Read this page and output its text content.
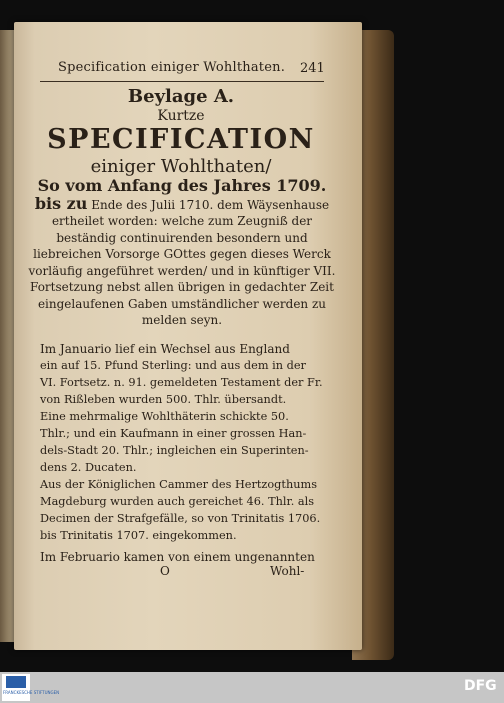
Specification einiger Wohlthaten. 241
Beylage A.
Kurtze
SPECIFICATION
einiger Wohlthaten/
So vom Anfang des Jahres 1709. bis zu Ende des Julii 1710. dem Wäysenhause ertheilet worden: welche zum Zeugniß der beständig continuirenden besondern und liebreichen Vorsorge GOttes gegen dieses Werck vorläufig angeführet werden/ und in künftiger VII. Fortsetzung nebst allen übrigen in gedachter Zeit eingelaufenen Gaben umständlicher werden zu melden seyn.
Im Januario lief ein Wechsel aus England
ein auf 15. Pfund Sterling: und aus dem in der
VI. Fortsetz. n. 91. gemeldeten Testament der Fr.
von Rißleben wurden 500. Thlr. übersandt.
Eine mehrmalige Wohlthäterin schickte 50.
Thlr.; und ein Kaufmann in einer grossen Han-
dels-Stadt 20. Thlr.; ingleichen ein Superinten-
dens 2. Ducaten.
Aus der Königlichen Cammer des Hertzogthums
Magdeburg wurden auch gereichet 46. Thlr. als
Decimen der Strafgefälle, so von Trinitatis 1706.
bis Trinitatis 1707. eingekommen.
Im Februario kamen von einem ungenannten
O	Wohl-
FRANCKESCHE STIFTUNGEN	DFG
